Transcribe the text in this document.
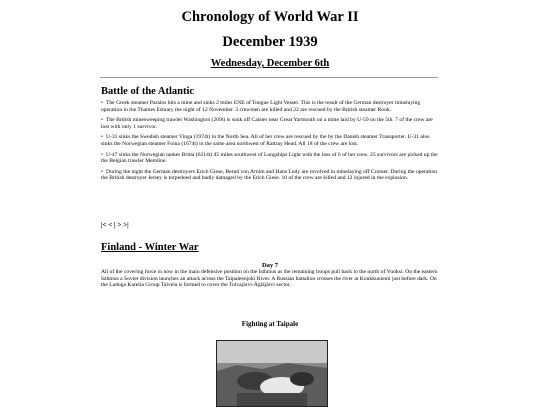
Chronology of World War II
December 1939
Wednesday, December 6th
Battle of the Atlantic

• The Greek steamer Paralos hits a mine and sinks 2 miles ENE of Tongue Light Vessel. This is the result of the German destroyer minelaying operation in the Thames Estuary the night of 12 November. 3 crewmen are killed and 22 are rescued by the British steamer Rook.

• The British minesweeping trawler Washington (209t) is sunk off Caister near Great Yarmouth on a mine laid by U-59 on the 5th. 7 of the crew are lost with only 1 survivor.

• U-31 sinks the Swedish steamer Vinga (1974t) in the North Sea. All of her crew are rescued by the by the Danish steamer Transporter. U-31 also sinks the Norwegian steamer Foina (1674t) in the same area northwest of Rattray Head. All 18 of the crew are lost.

• U-47 sinks the Norwegian tanker Britta (6214t) 45 miles southwest of Longships Light with the loss of 6 of her crew. 25 survivors are picked up the the Belgian trawler Memline.

• During the night the German destroyers Erich Giese, Bernd von Arnim and Hans Lody are involved in minelaying off Cromer. During the operation the British destroyer Jersey is torpedoed and badly damaged by the Erich Giese. 10 of the crew are killed and 12 injured in the explosion.

|< < | > >|
Finland - Winter War

Day 7

All of the covering force in now in the main defensive position on the Isthmus as the remaining troops pull back to the north of Vuoksi. On the eastern Isthmus a Soviet division launches an attack across the Taipaleenjoki River. A Russian battalion crosses the river at Koukkuniemi just before dark. On the Ladoga Karelia Group Talvela is formed to cover the Tolvajärvi-Ägläjärvi sector.

Fighting at Taipale
